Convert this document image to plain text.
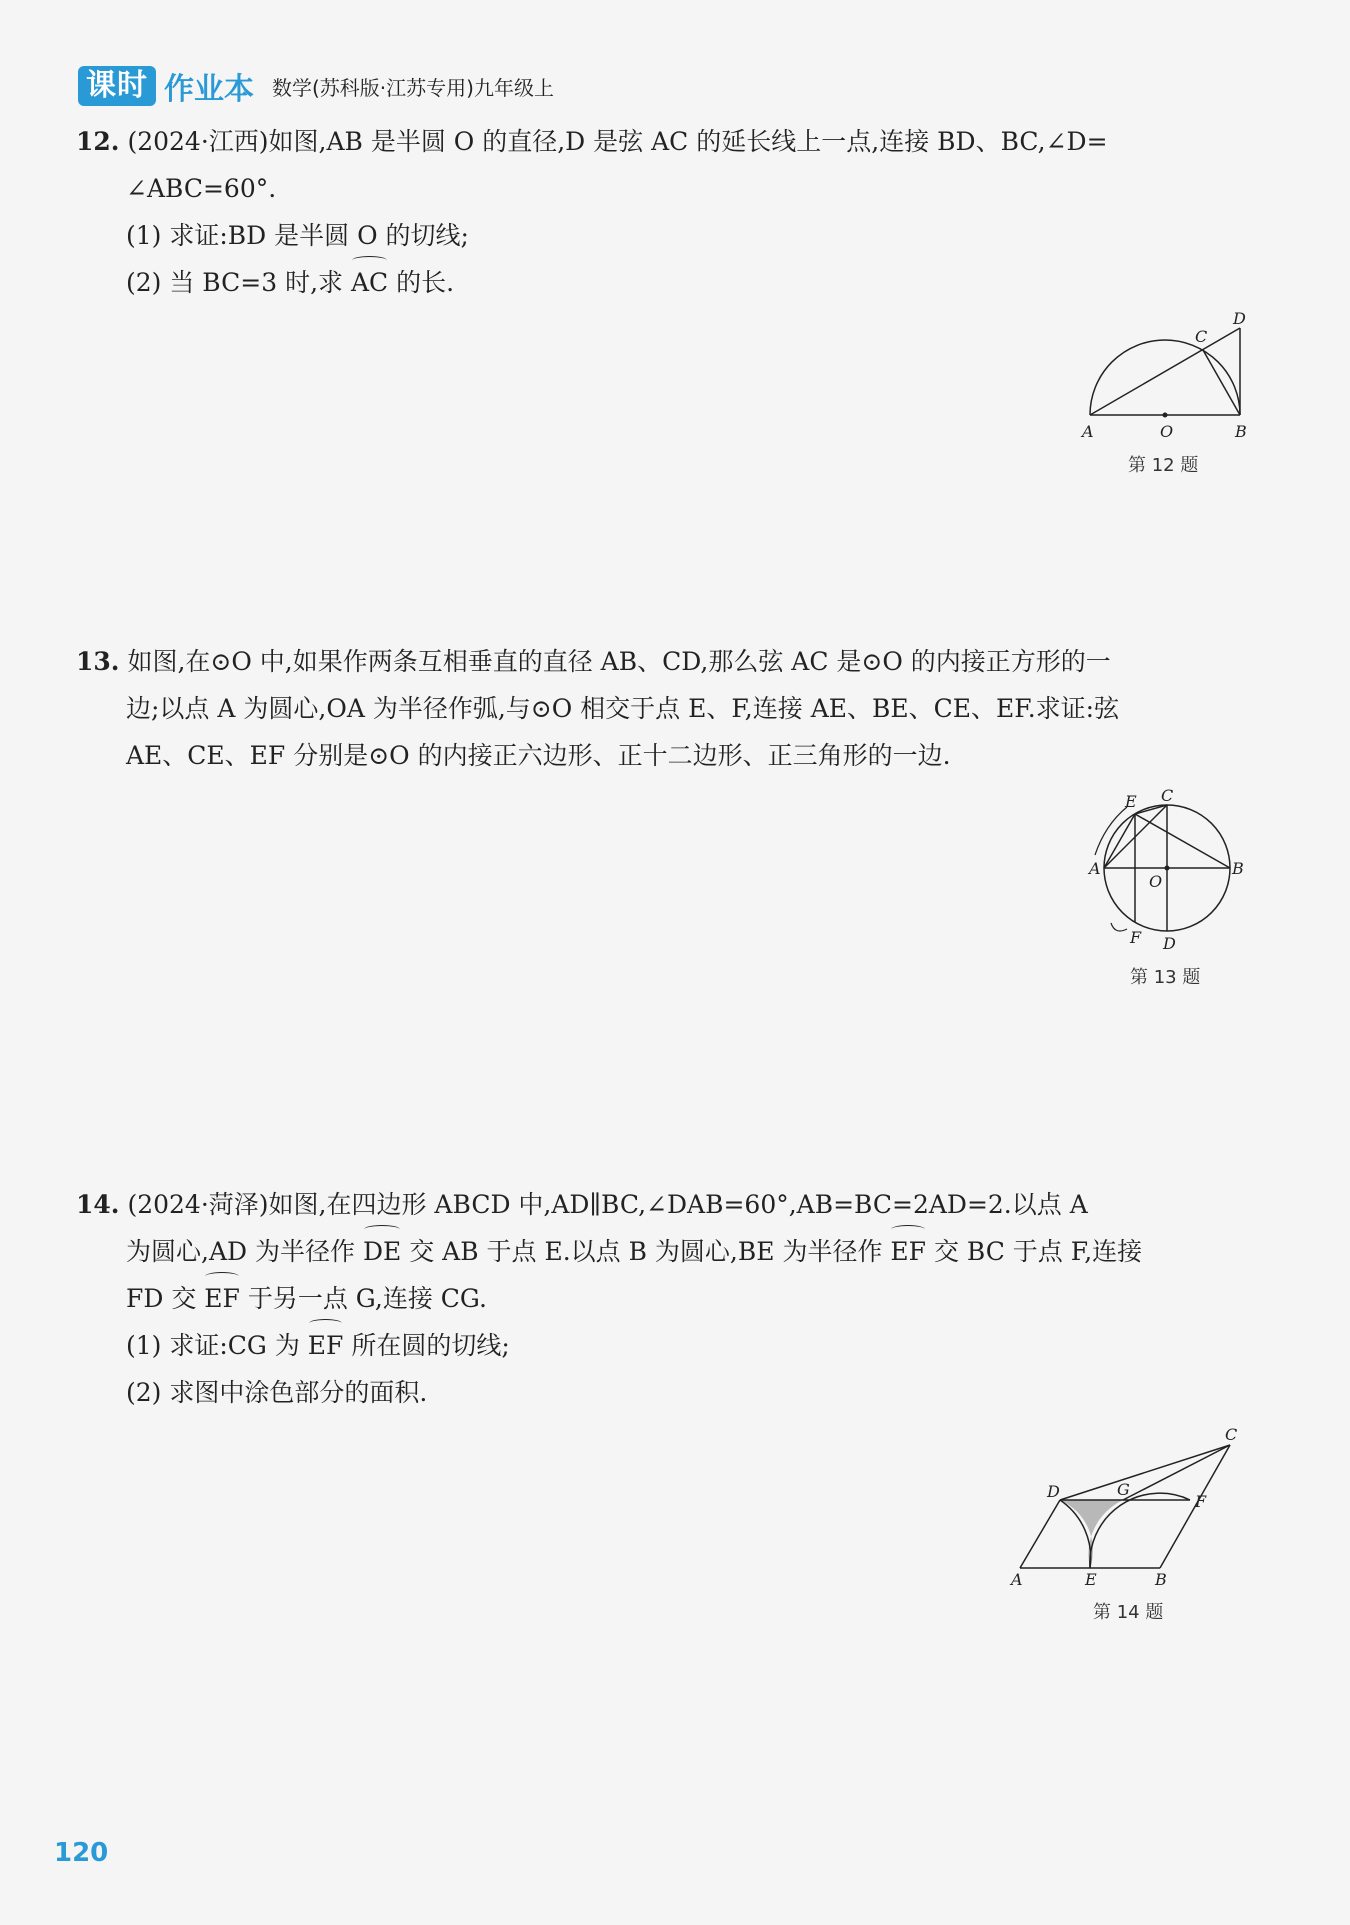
课时 作业本 数学(苏科版·江苏专用)九年级上
12. (2024·江西)如图,AB 是半圆 O 的直径,D 是弦 AC 的延长线上一点,连接 BD、BC,∠D=
∠ABC=60°.
(1) 求证:BD 是半圆 O 的切线;
(2) 当 BC=3 时,求 AC 的长.
A	O	B
C
D
第 12 题
13. 如图,在⊙O 中,如果作两条互相垂直的直径 AB、CD,那么弦 AC 是⊙O 的内接正方形的一
边;以点 A 为圆心,OA 为半径作弧,与⊙O 相交于点 E、F,连接 AE、BE、CE、EF.求证:弦
AE、CE、EF 分别是⊙O 的内接正六边形、正十二边形、正三角形的一边.
A	B
C
D
E
F
O
第 13 题
14. (2024·菏泽)如图,在四边形 ABCD 中,AD∥BC,∠DAB=60°,AB=BC=2AD=2.以点 A
为圆心,AD 为半径作 DE 交 AB 于点 E.以点 B 为圆心,BE 为半径作 EF 交 BC 于点 F,连接
FD 交 EF 于另一点 G,连接 CG.
(1) 求证:CG 为 EF 所在圆的切线;
(2) 求图中涂色部分的面积.
D	G
F
C
A	E	B
第 14 题
120
